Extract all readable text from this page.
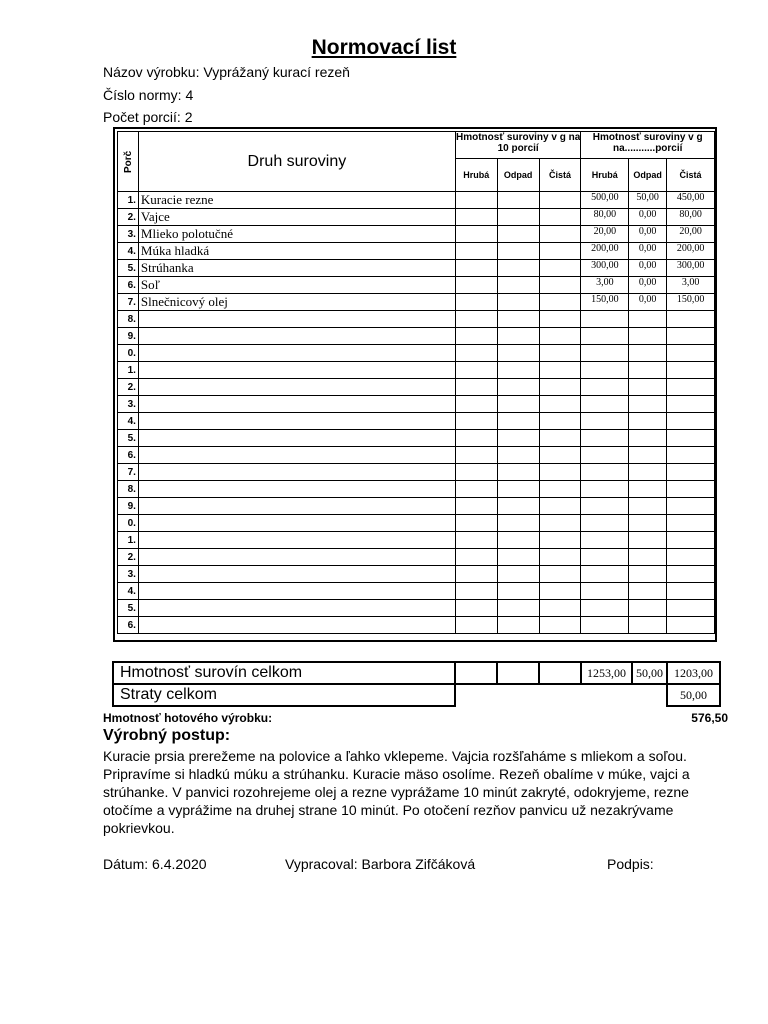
Normovací list
Názov výrobku: Vyprážaný kurací rezeň
Číslo normy: 4
Počet porcií: 2
Porč	Druh suroviny	Hmotnosť suroviny v g na 10 porcií			Hmotnosť suroviny v g na...........porcií		
		Hrubá	Odpad	Čistá	Hrubá	Odpad	Čistá
1.	Kuracie rezne				500,00	50,00	450,00
2.	Vajce				80,00	0,00	80,00
3.	Mlieko polotučné				20,00	0,00	20,00
4.	Múka hladká				200,00	0,00	200,00
5.	Strúhanka				300,00	0,00	300,00
6.	Soľ				3,00	0,00	3,00
7.	Slnečnicový olej				150,00	0,00	150,00
8.							
9.							
0.							
1.							
2.							
3.							
4.							
5.							
6.							
7.							
8.							
9.							
0.							
1.							
2.							
3.							
4.							
5.							
6.							
Hmotnosť surovín celkom				1253,00	50,00	1203,00
Straty celkom						50,00
Hmotnosť hotového výrobku:	576,50
Výrobný postup:
Kuracie prsia prerežeme na polovice a ľahko vklepeme. Vajcia rozšľaháme s mliekom a soľou. Pripravíme si hladkú múku a strúhanku. Kuracie mäso osolíme. Rezeň obalíme v múke, vajci a strúhanke. V panvici rozohrejeme olej a rezne vyprážame 10 minút zakryté, odokryjeme, rezne otočíme a vyprážime na druhej strane 10 minút. Po otočení rezňov panvicu už nezakrývame pokrievkou.
Dátum: 6.4.2020	Vypracoval: Barbora Zifčáková	Podpis:
